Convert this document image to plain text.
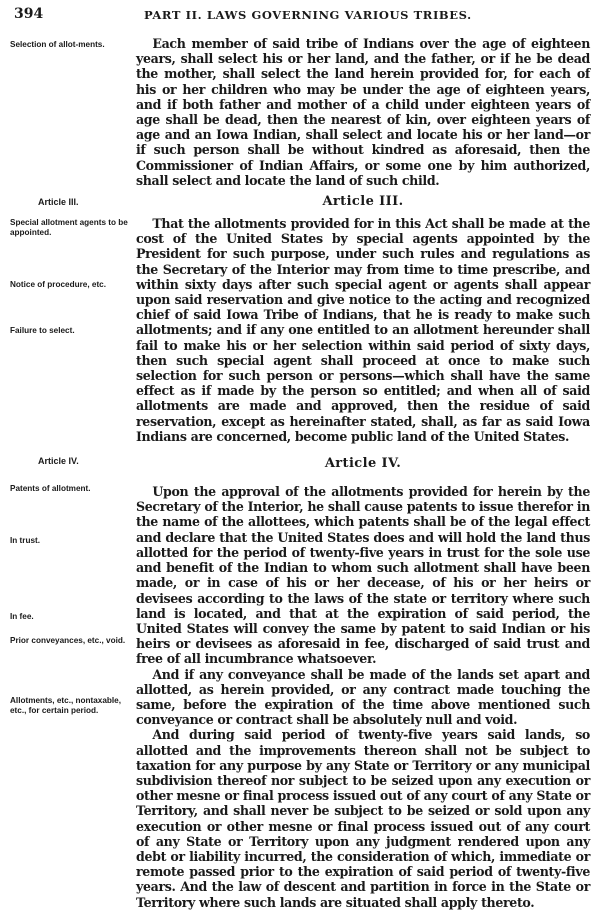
394	PART II. LAWS GOVERNING VARIOUS TRIBES.
Selection of allot-ments.	Each member of said tribe of Indians over the age of eighteen years, shall select his or her land, and the father, or if he be dead the mother, shall select the land herein provided for, for each of his or her children who may be under the age of eighteen years, and if both father and mother of a child under eighteen years of age shall be dead, then the nearest of kin, over eighteen years of age and an Iowa Indian, shall select and locate his or her land—or if such person shall be without kindred as aforesaid, then the Commissioner of Indian Affairs, or some one by him authorized, shall select and locate the land of such child.

Article III.	Article III.
Special allotment agents to be appointed.
Notice of procedure, etc.
Failure to select.

That the allotments provided for in this Act shall be made at the cost of the United States by special agents appointed by the President for such purpose, under such rules and regulations as the Secretary of the Interior may from time to time prescribe, and within sixty days after such special agent or agents shall appear upon said reservation and give notice to the acting and recognized chief of said Iowa Tribe of Indians, that he is ready to make such allotments; and if any one entitled to an allotment hereunder shall fail to make his or her selection within said period of sixty days, then such special agent shall proceed at once to make such selection for such person or persons—which shall have the same effect as if made by the person so entitled; and when all of said allotments are made and approved, then the residue of said reservation, except as hereinafter stated, shall, as far as said Iowa Indians are concerned, become public land of the United States.

Article IV.	Article IV.
Patents of allotment.
In trust.
In fee.
Prior conveyances, etc., void.
Allotments, etc., nontaxable, etc., for certain period.

Upon the approval of the allotments provided for herein by the Secretary of the Interior, he shall cause patents to issue therefor in the name of the allottees, which patents shall be of the legal effect and declare that the United States does and will hold the land thus allotted for the period of twenty-five years in trust for the sole use and benefit of the Indian to whom such allotment shall have been made, or in case of his or her decease, of his or her heirs or devisees according to the laws of the state or territory where such land is located, and that at the expiration of said period, the United States will convey the same by patent to said Indian or his heirs or devisees as aforesaid in fee, discharged of said trust and free of all incumbrance whatsoever.

And if any conveyance shall be made of the lands set apart and allotted, as herein provided, or any contract made touching the same, before the expiration of the time above mentioned such conveyance or contract shall be absolutely null and void.

And during said period of twenty-five years said lands, so allotted and the improvements thereon shall not be subject to taxation for any purpose by any State or Territory or any municipal subdivision thereof nor subject to be seized upon any execution or other mesne or final process issued out of any court of any State or Territory, and shall never be subject to be seized or sold upon any execution or other mesne or final process issued out of any court of any State or Territory upon any judgment rendered upon any debt or liability incurred, the consideration of which, immediate or remote passed prior to the expiration of said period of twenty-five years. And the law of descent and partition in force in the State or Territory where such lands are situated shall apply thereto.
